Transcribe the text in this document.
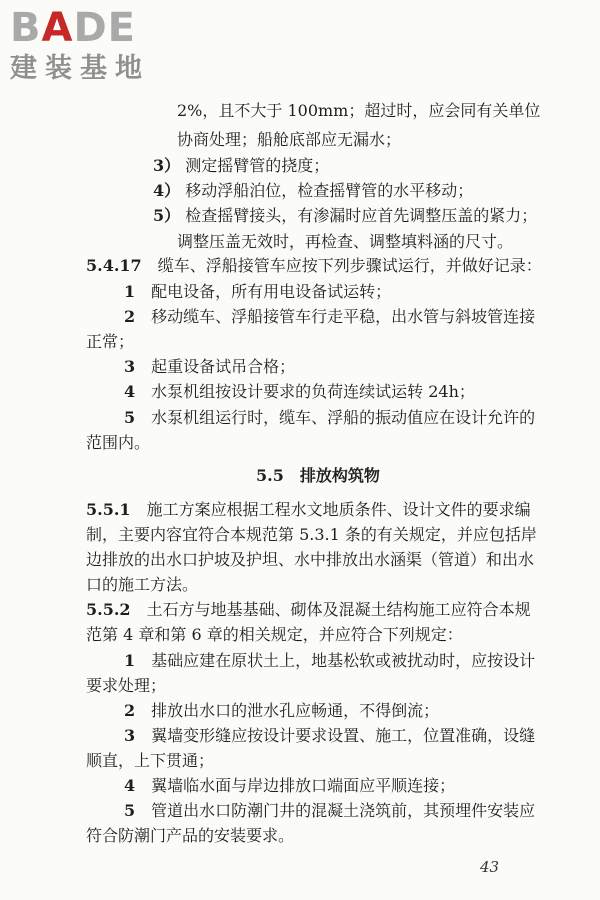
BADE
建装基地
2%，且不大于 100mm；超过时，应会同有关单位
协商处理；船舱底部应无漏水；
3） 测定摇臂管的挠度；
4） 移动浮船泊位，检查摇臂管的水平移动；
5） 检查摇臂接头，有渗漏时应首先调整压盖的紧力；
调整压盖无效时，再检查、调整填料涵的尺寸。
5.4.17　 缆车、浮船接管车应按下列步骤试运行，并做好记录：
1　 配电设备，所有用电设备试运转；
2　 移动缆车、浮船接管车行走平稳，出水管与斜坡管连接
正常；
3　 起重设备试吊合格；
4　 水泵机组按设计要求的负荷连续试运转 24h；
5　 水泵机组运行时，缆车、浮船的振动值应在设计允许的
范围内。
5.5　排放构筑物
5.5.1　 施工方案应根据工程水文地质条件、设计文件的要求编
制，主要内容宜符合本规范第 5.3.1 条的有关规定，并应包括岸
边排放的出水口护坡及护坦、水中排放出水涵渠（管道）和出水
口的施工方法。
5.5.2　 土石方与地基基础、砌体及混凝土结构施工应符合本规
范第 4 章和第 6 章的相关规定，并应符合下列规定：
1　 基础应建在原状土上，地基松软或被扰动时，应按设计
要求处理；
2　 排放出水口的泄水孔应畅通，不得倒流；
3　 翼墙变形缝应按设计要求设置、施工，位置准确，设缝
顺直，上下贯通；
4　 翼墙临水面与岸边排放口端面应平顺连接；
5　 管道出水口防潮门井的混凝土浇筑前，其预埋件安装应
符合防潮门产品的安装要求。
43
